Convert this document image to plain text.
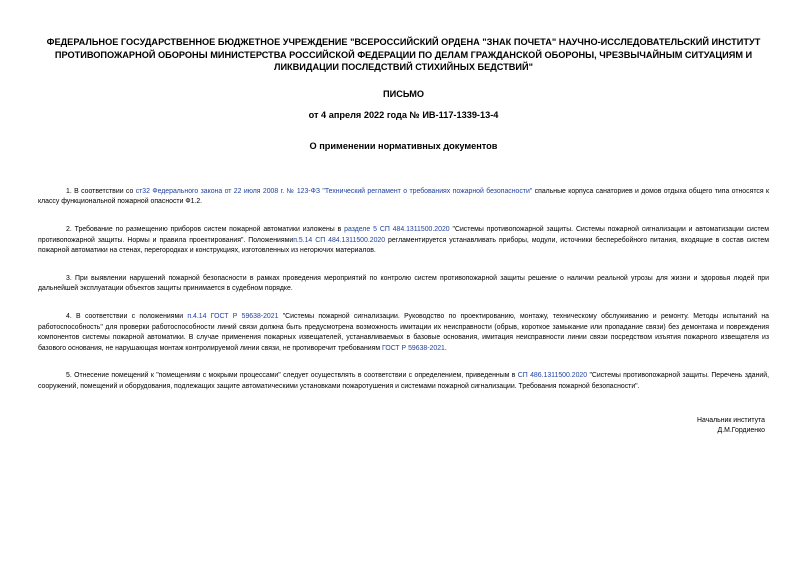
ФЕДЕРАЛЬНОЕ ГОСУДАРСТВЕННОЕ БЮДЖЕТНОЕ УЧРЕЖДЕНИЕ "ВСЕРОССИЙСКИЙ ОРДЕНА "ЗНАК ПОЧЕТА" НАУЧНО-ИССЛЕДОВАТЕЛЬСКИЙ ИНСТИТУТ ПРОТИВОПОЖАРНОЙ ОБОРОНЫ МИНИСТЕРСТВА РОССИЙСКОЙ ФЕДЕРАЦИИ ПО ДЕЛАМ ГРАЖДАНСКОЙ ОБОРОНЫ, ЧРЕЗВЫЧАЙНЫМ СИТУАЦИЯМ И ЛИКВИДАЦИИ ПОСЛЕДСТВИЙ СТИХИЙНЫХ БЕДСТВИЙ"
ПИСЬМО
от 4 апреля 2022 года № ИВ-117-1339-13-4
О применении нормативных документов

1. В соответствии со ст32 Федерального закона от 22 июля 2008 г. № 123-ФЗ "Технический регламент о требованиях пожарной безопасности" спальные корпуса санаториев и домов отдыха общего типа относятся к классу функциональной пожарной опасности Ф1.2.

2. Требование по размещению приборов систем пожарной автоматики изложены в разделе 5 СП 484.1311500.2020 "Системы противопожарной защиты. Системы пожарной сигнализации и автоматизации систем противопожарной защиты. Нормы и правила проектирования". Положениямип.5.14 СП 484.1311500.2020 регламентируется устанавливать приборы, модули, источники бесперебойного питания, входящие в состав систем пожарной автоматики на стенах, перегородках и конструкциях, изготовленных из негорючих материалов.

3. При выявлении нарушений пожарной безопасности в рамках проведения мероприятий по контролю систем противопожарной защиты решение о наличии реальной угрозы для жизни и здоровья людей при дальнейшей эксплуатации объектов защиты принимается в судебном порядке.

4. В соответствии с положениями п.4.14 ГОСТ Р 59638-2021 "Системы пожарной сигнализации. Руководство по проектированию, монтажу, техническому обслуживанию и ремонту. Методы испытаний на работоспособность" для проверки работоспособности линий связи должна быть предусмотрена возможность имитации их неисправности (обрыв, короткое замыкание или пропадание связи) без демонтажа и повреждения компонентов системы пожарной автоматики. В случае применения пожарных извещателей, устанавливаемых в базовые основания, имитация неисправности линии связи посредством изъятия пожарного извещателя из базового основания, не нарушающая монтаж контролируемой линии связи, не противоречит требованиям ГОСТ Р 59638-2021.

5. Отнесение помещений к "помещениям с мокрыми процессами" следует осуществлять в соответствии с определением, приведенным в СП 486.1311500.2020 "Системы противопожарной защиты. Перечень зданий, сооружений, помещений и оборудования, подлежащих защите автоматическими установками пожаротушения и системами пожарной сигнализации. Требования пожарной безопасности".

Начальник института
Д.М.Гордиенко
